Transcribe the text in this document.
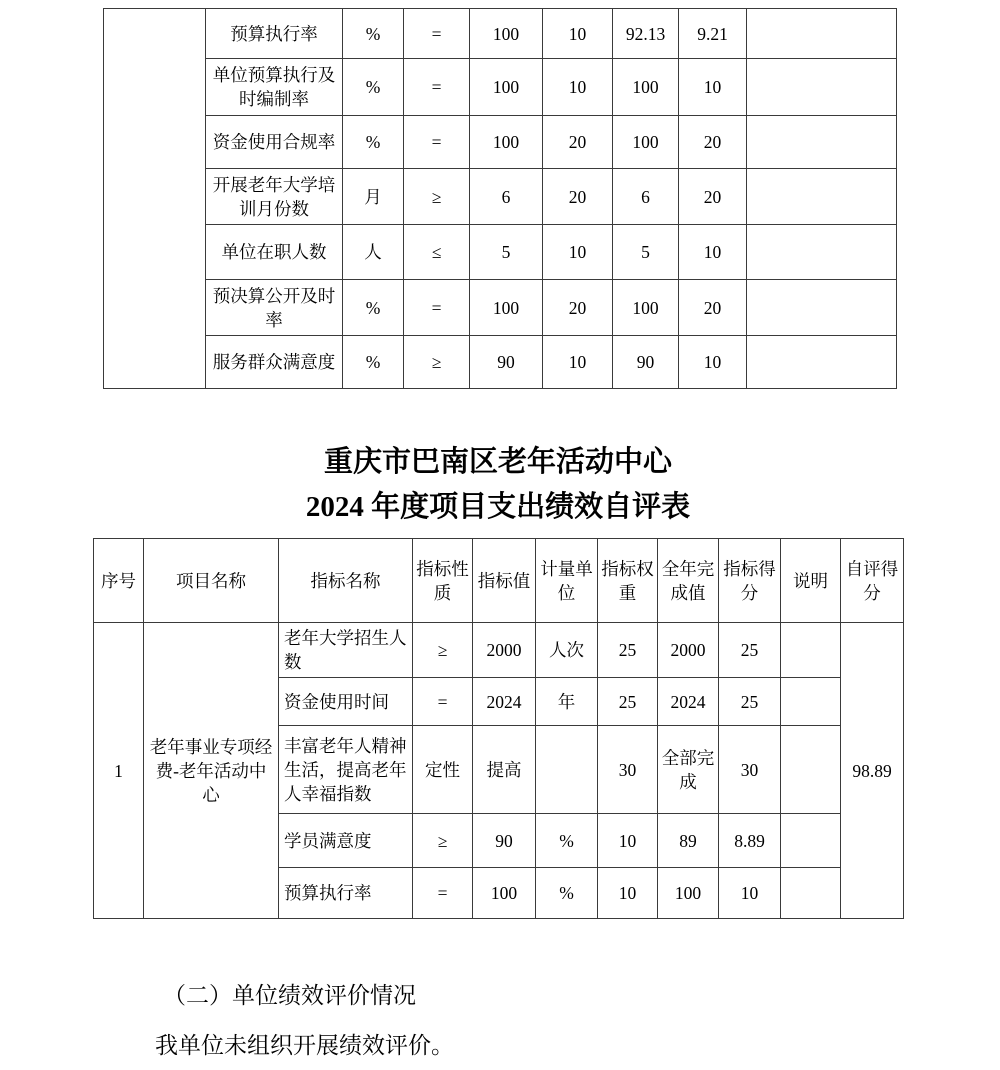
	预算执行率	%	=	100	10	92.13	9.21	
	单位预算执行及时编制率	%	=	100	10	100	10	
	资金使用合规率	%	=	100	20	100	20	
	开展老年大学培训月份数	月	≥	6	20	6	20	
	单位在职人数	人	≤	5	10	5	10	
	预决算公开及时率	%	=	100	20	100	20	
	服务群众满意度	%	≥	90	10	90	10	
重庆市巴南区老年活动中心
2024 年度项目支出绩效自评表
序号	项目名称	指标名称	指标性质	指标值	计量单位	指标权重	全年完成值	指标得分	说明	自评得分
1	老年事业专项经费-老年活动中心	老年大学招生人数	≥	2000	人次	25	2000	25		98.89
		资金使用时间	=	2024	年	25	2024	25		
		丰富老年人精神生活，提高老年人幸福指数	定性	提高		30	全部完成	30		
		学员满意度	≥	90	%	10	89	8.89		
		预算执行率	=	100	%	10	100	10		
（二）单位绩效评价情况
我单位未组织开展绩效评价。
